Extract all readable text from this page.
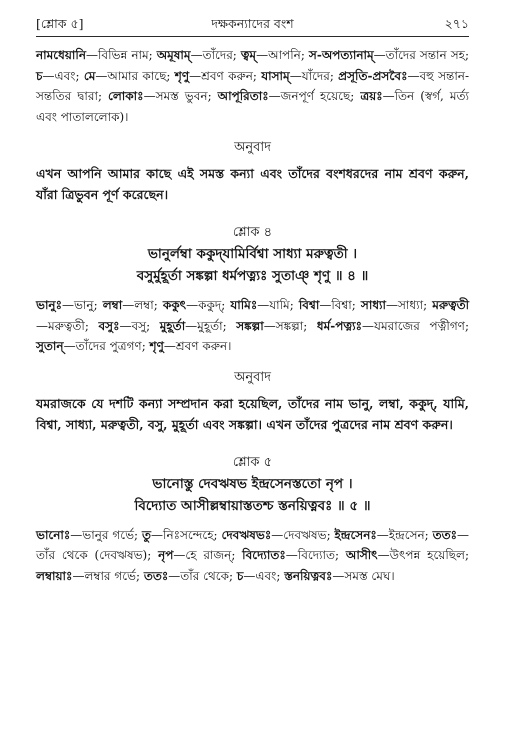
[শ্লোক ৫]	দক্ষকন্যাদের বংশ	২৭১

নামধেয়ানি—বিভিন্ন নাম; অমূষাম্—তাঁদের; ত্বম্—আপনি; স-অপত্যানাম্—তাঁদের সন্তান সহ; চ—এবং; মে—আমার কাছে; শৃণু—শ্রবণ করুন; যাসাম্—যাঁদের; প্রসূতি-প্রসবৈঃ—বহু সন্তান-সন্ততির দ্বারা; লোকাঃ—সমস্ত ভুবন; আপূরিতাঃ—জনপূর্ণ হয়েছে; ত্রয়ঃ—তিন (স্বর্গ, মর্ত্য এবং পাতাললোক)।

অনুবাদ

এখন আপনি আমার কাছে এই সমস্ত কন্যা এবং তাঁদের বংশধরদের নাম শ্রবণ করুন, যাঁরা ত্রিভুবন পূর্ণ করেছেন।

শ্লোক ৪
ভানুর্লম্বা ককুদ্‌যামির্বিশ্বা সাধ্যা মরুত্বতী ।
বসুর্মুহূর্তা সঙ্কল্পা ধর্মপত্ন্যঃ সুতাঞ্‌ শৃণু ॥ ৪ ॥

ভানুঃ—ভানু; লম্বা—লম্বা; ককুৎ—ককুদ্‌; যামিঃ—যামি; বিশ্বা—বিশ্বা; সাধ্যা—সাধ্যা; মরুত্বতী—মরুত্বতী; বসুঃ—বসু; মুহূর্তা—মুহূর্তা; সঙ্কল্পা—সঙ্কল্পা; ধর্ম-পত্ন্যঃ—যমরাজের পত্নীগণ; সুতান্—তাঁদের পুত্রগণ; শৃণু—শ্রবণ করুন।

অনুবাদ

যমরাজকে যে দশটি কন্যা সম্প্রদান করা হয়েছিল, তাঁদের নাম ভানু, লম্বা, ককুদ্‌, যামি, বিশ্বা, সাধ্যা, মরুত্বতী, বসু, মুহূর্তা এবং সঙ্কল্পা। এখন তাঁদের পুত্রদের নাম শ্রবণ করুন।

শ্লোক ৫
ভানোস্তু দেবঋষভ ইন্দ্রসেনস্ততো নৃপ ।
বিদ্যোত আসীল্লম্বায়াস্ততশ্চ স্তনয়িত্নবঃ ॥ ৫ ॥

ভানোঃ—ভানুর গর্ভে; তু—নিঃসন্দেহে; দেবঋষভঃ—দেবঋষভ; ইন্দ্রসেনঃ—ইন্দ্রসেন; ততঃ—তাঁর থেকে (দেবঋষভ); নৃপ—হে রাজন্; বিদ্যোতঃ—বিদ্যোত; আসীৎ—উৎপন্ন হয়েছিল; লম্বায়াঃ—লম্বার গর্ভে; ততঃ—তাঁর থেকে; চ—এবং; স্তনয়িত্নবঃ—সমস্ত মেঘ।
